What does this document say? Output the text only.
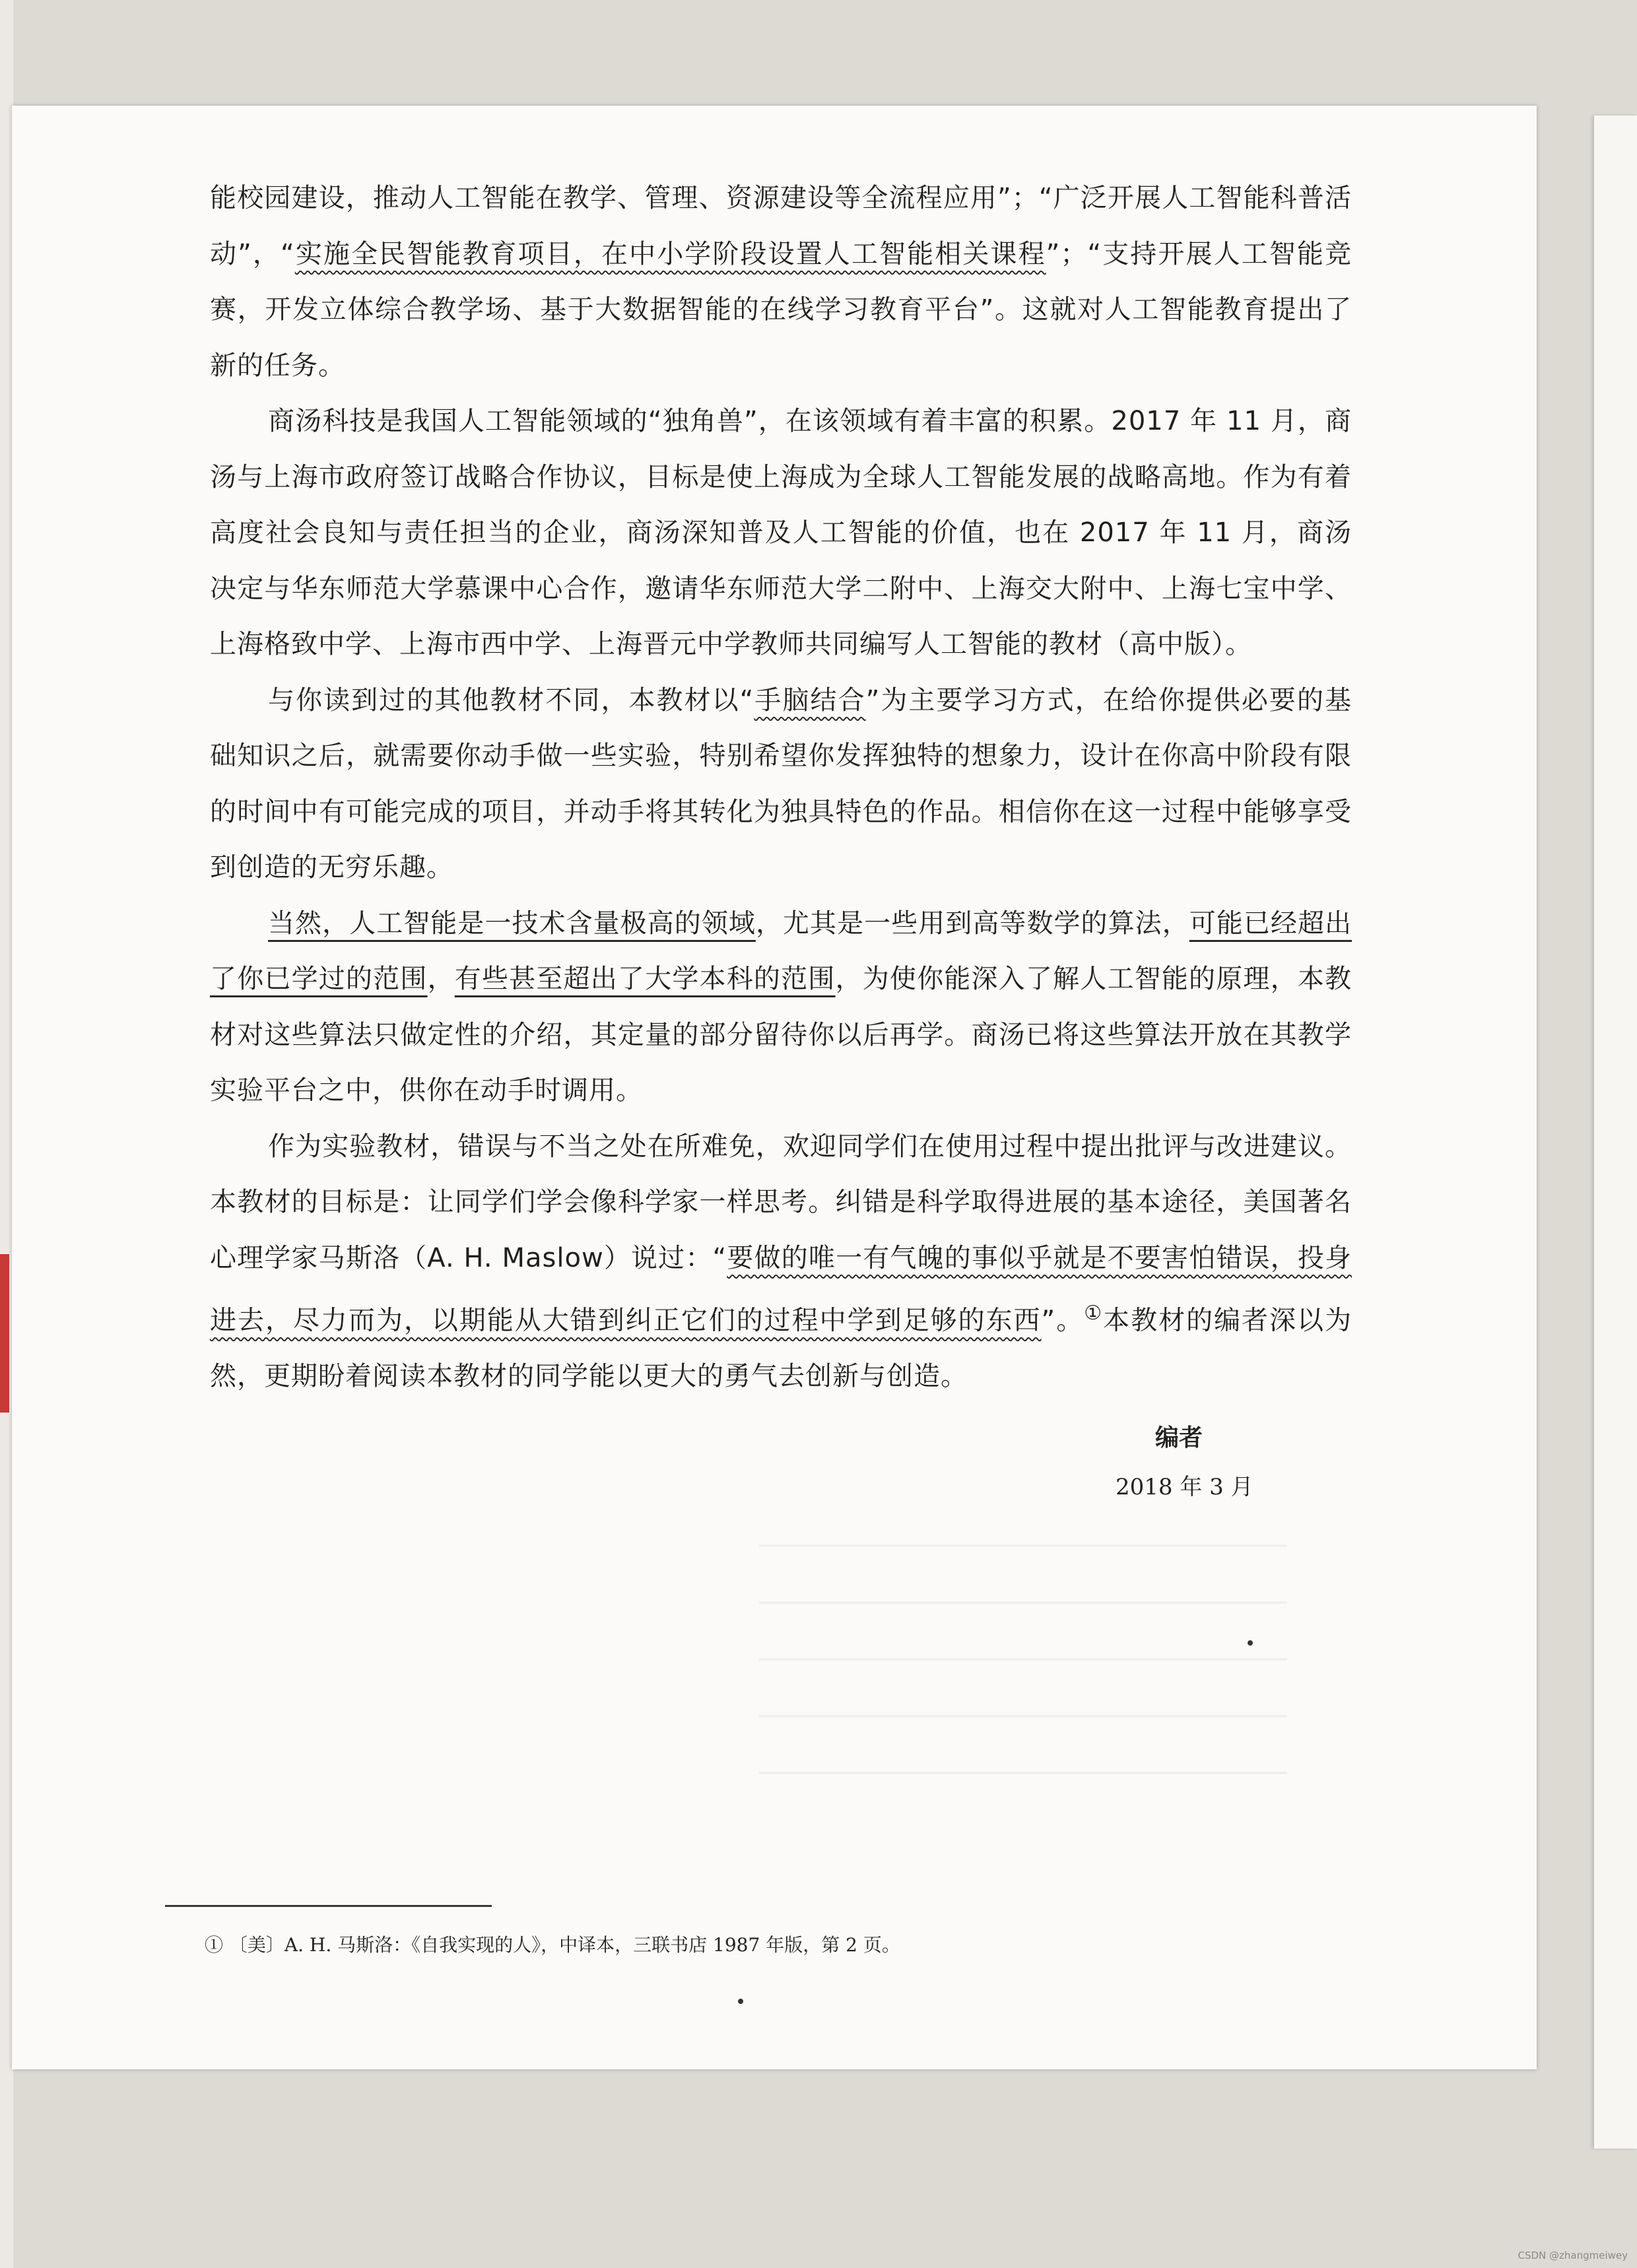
能校园建设，推动人工智能在教学、管理、资源建设等全流程应用”；“广泛开展人工智能科普活动”，“实施全民智能教育项目，在中小学阶段设置人工智能相关课程”；“支持开展人工智能竞赛，开发立体综合教学场、基于大数据智能的在线学习教育平台”。这就对人工智能教育提出了新的任务。

商汤科技是我国人工智能领域的“独角兽”，在该领域有着丰富的积累。2017 年 11 月，商汤与上海市政府签订战略合作协议，目标是使上海成为全球人工智能发展的战略高地。作为有着高度社会良知与责任担当的企业，商汤深知普及人工智能的价值，也在 2017 年 11 月，商汤决定与华东师范大学慕课中心合作，邀请华东师范大学二附中、上海交大附中、上海七宝中学、上海格致中学、上海市西中学、上海晋元中学教师共同编写人工智能的教材（高中版）。

与你读到过的其他教材不同，本教材以“手脑结合”为主要学习方式，在给你提供必要的基础知识之后，就需要你动手做一些实验，特别希望你发挥独特的想象力，设计在你高中阶段有限的时间中有可能完成的项目，并动手将其转化为独具特色的作品。相信你在这一过程中能够享受到创造的无穷乐趣。

当然，人工智能是一技术含量极高的领域，尤其是一些用到高等数学的算法，可能已经超出了你已学过的范围，有些甚至超出了大学本科的范围，为使你能深入了解人工智能的原理，本教材对这些算法只做定性的介绍，其定量的部分留待你以后再学。商汤已将这些算法开放在其教学实验平台之中，供你在动手时调用。

作为实验教材，错误与不当之处在所难免，欢迎同学们在使用过程中提出批评与改进建议。本教材的目标是：让同学们学会像科学家一样思考。纠错是科学取得进展的基本途径，美国著名心理学家马斯洛（A. H. Maslow）说过：“要做的唯一有气魄的事似乎就是不要害怕错误，投身进去，尽力而为，以期能从大错到纠正它们的过程中学到足够的东西”。①本教材的编者深以为然，更期盼着阅读本教材的同学能以更大的勇气去创新与创造。

编者
2018 年 3 月
① 〔美〕A. H. 马斯洛：《自我实现的人》，中译本，三联书店 1987 年版，第 2 页。
CSDN @zhangmeiwey
